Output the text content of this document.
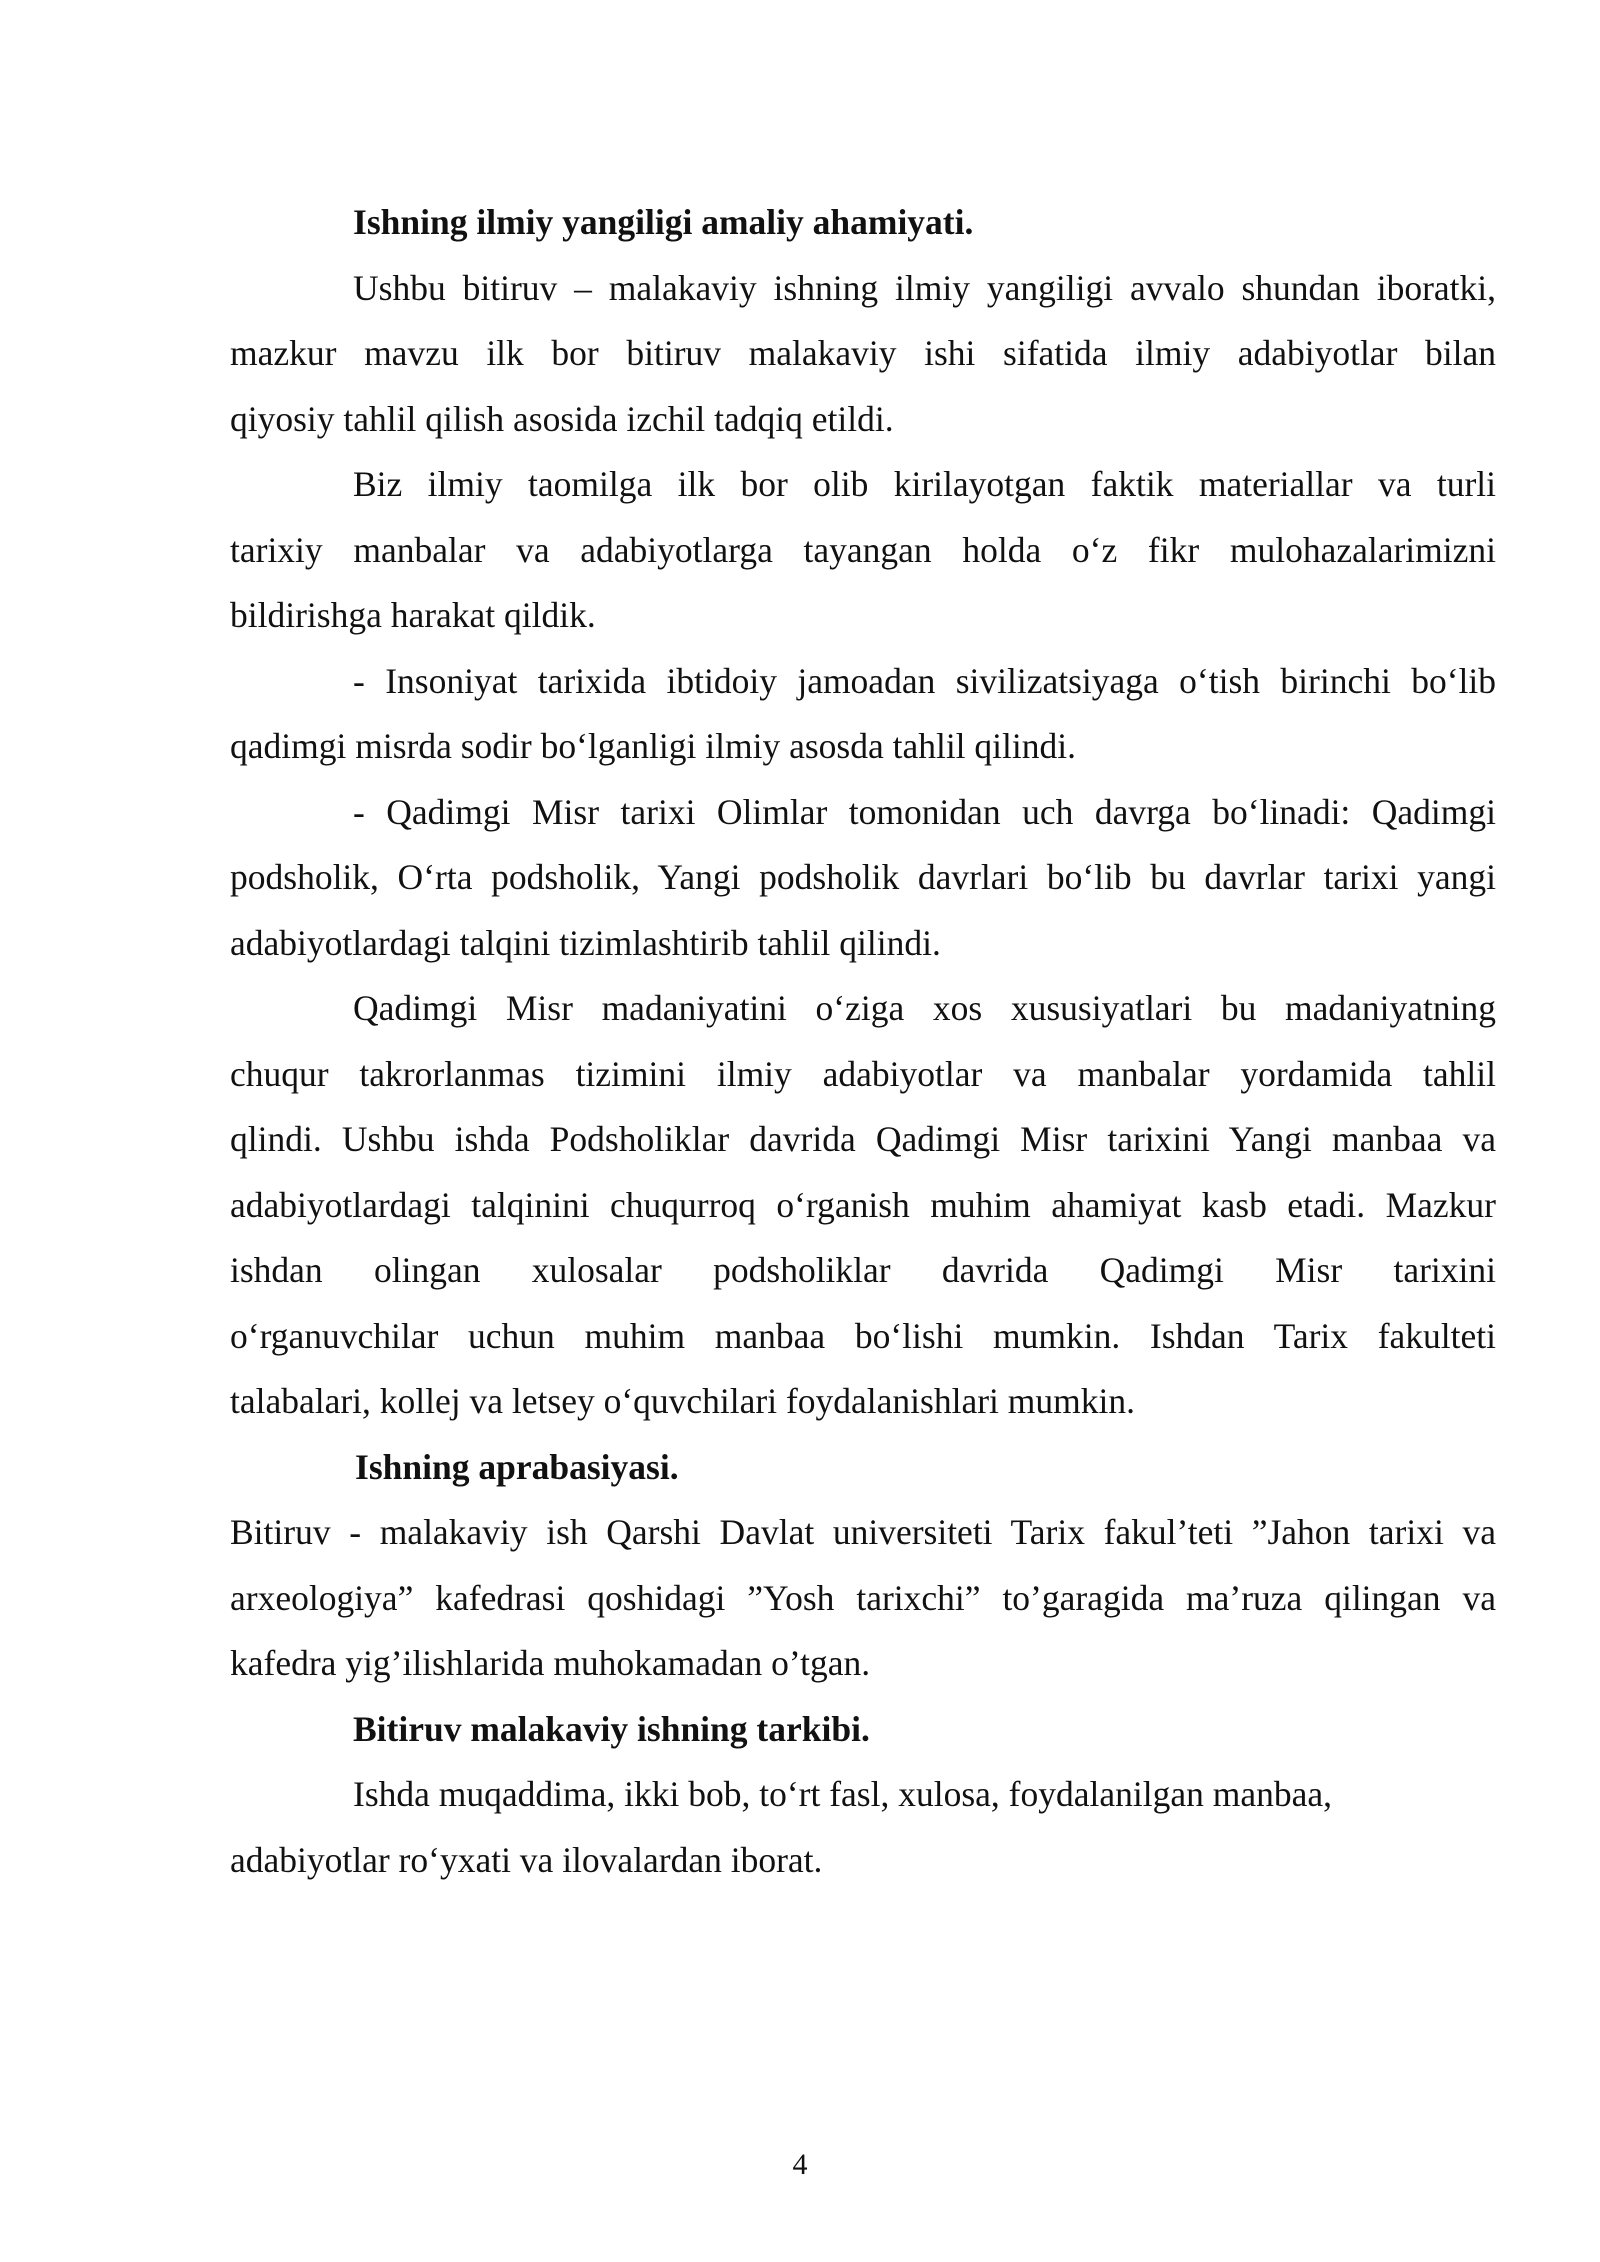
Ishning ilmiy yangiligi amaliy ahamiyati.
Ushbu bitiruv – malakaviy ishning ilmiy yangiligi avvalo shundan iboratki,
mazkur mavzu ilk bor bitiruv malakaviy ishi sifatida ilmiy adabiyotlar bilan
qiyosiy tahlil qilish asosida izchil tadqiq etildi.
Biz ilmiy taomilga ilk bor olib kirilayotgan faktik materiallar va turli
tarixiy manbalar va adabiyotlarga tayangan holda o‘z fikr mulohazalarimizni
bildirishga harakat qildik.
- Insoniyat tarixida ibtidoiy jamoadan sivilizatsiyaga o‘tish birinchi bo‘lib
qadimgi misrda sodir bo‘lganligi ilmiy asosda tahlil qilindi.
- Qadimgi Misr tarixi Olimlar tomonidan uch davrga bo‘linadi: Qadimgi
podsholik, O‘rta podsholik, Yangi podsholik davrlari bo‘lib bu davrlar tarixi yangi
adabiyotlardagi talqini tizimlashtirib tahlil qilindi.
Qadimgi Misr madaniyatini o‘ziga xos xususiyatlari bu madaniyatning
chuqur takrorlanmas tizimini ilmiy adabiyotlar va manbalar yordamida tahlil
qlindi. Ushbu ishda Podsholiklar davrida Qadimgi Misr tarixini Yangi manbaa va
adabiyotlardagi talqinini chuqurroq o‘rganish muhim ahamiyat kasb etadi. Mazkur
ishdan olingan xulosalar podsholiklar davrida Qadimgi Misr tarixini
o‘rganuvchilar uchun muhim manbaa bo‘lishi mumkin. Ishdan Tarix fakulteti
talabalari, kollej va letsey o‘quvchilari foydalanishlari mumkin.
Ishning aprabasiyasi.
Bitiruv - malakaviy ish Qarshi Davlat universiteti Tarix fakul’teti ”Jahon tarixi va
arxeologiya” kafedrasi qoshidagi ”Yosh tarixchi” to’garagida ma’ruza qilingan va
kafedra yig’ilishlarida muhokamadan o’tgan.
Bitiruv malakaviy ishning tarkibi.
Ishda muqaddima, ikki bob, to‘rt fasl, xulosa, foydalanilgan manbaa,
adabiyotlar ro‘yxati va ilovalardan iborat.
4
